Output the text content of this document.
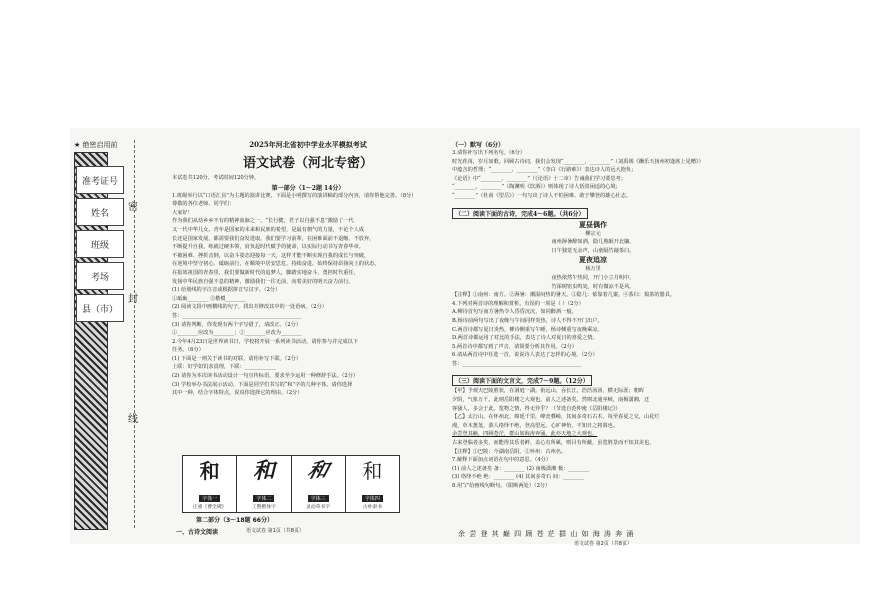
★ 绝密启用前
准考证号
姓名
班级
考场
县（市）
密
封
线
2025年河北省初中学业水平模拟考试
语文试卷（河北专密）
本试卷共120分，考试时间120分钟。
第一部分（1～2题 14分）
1.班级举行以“口语汇县”为主题的演讲比赛，下面是小明撰写的演讲稿的部分内容，请你帮他完善。（8分）
尊敬的各位老师、同学们：
大家好！
作为我们从幼乡乡不有的精神血脉之一，“长行健，君子以自强不息”激励了一代
又一代中华儿女。青年是国家的未来和民族的希望，是最有朝气的力量，不论个人成
长还是国家发展，都需要我们奋发进取。我们要学习前辈，在困难面前不退缩、不放弃，
不断提升自我，练就过硬本领，肩负起时代赋予的使命，以实际行动书写青春华章。
不被困难、挫折击倒，以奋斗姿态迎接每一天，这样才能不断实现自我的成长与突破，
在逆境中坚守初心、砥砺前行，在顺境中居安思危、持续奋进，始终保持昂扬向上的状态。
在报效祖国的青春里，我们要做新时代的追梦人，脚踏实地奋斗，勇担时代重任，
发扬中华民族自强不息的精神，激励我们一往无前，向着美好的明天奋力前行。
(1) 给划线的字注音或根据拼音写汉字。（2分）
①砥砺________ ②楷模________
(2) 阅读文段中画横线的句子，找出并修改其中的一处语病。（2分）
答：______________________________________________
(3) 请你判断，你发现有两个字写错了，请改正。（2分）
①________应改为________；②________应改为________
2.今年4月23日是世界读书日，学校将开展一系列读书活动，请你参与并完成以下
任务。（6分）
(1) 下面是一则关于读书的对联，请你补写下联。（2分）
上联：好学如饥求真理，下联：____________
(2) 请你为本次读书活动设计一句宣传标语，要求至少运用一种修辞手法。（2分）
(3) 学校举办书法展示活动，下面是同学们书写的“和”字的几种字体，请你选择
其中一种，结合字体特点，说说你选择它的理由。（2分）
和
字体一
和
字体二
和
字体三
和
字体四
庄重《曹全碑》	工整楷体字	灵动草书字	古朴隶书
第二部分（3～18题 66分）
一、古诗文阅读	语文试卷 第1页（共8页）
（一）默写（6分）
3.请你补写出下列名句。（6分）
时光荏苒，岁月如歌。回顾古诗词，我们会发现“________，________”（刘禹锡《酬乐天扬州初逢席上见赠》）
中蕴含的哲理；“________，________”（李白《行路难》）表达诗人的远大抱负；
《论语》中“________，________”（《论语》十二章）告诫我们学习要思考；
“________，________”（陶渊明《饮酒》）则体现了诗人恬淡闲适的心境；
“________”（杜甫《望岳》）一句写出了诗人不怕困难、敢于攀登的雄心壮志。
（二）阅读下面的古诗，完成4～6题。（共6分）
夏昼偶作
柳宗元
南州溽暑醉如酒，隐几熟眠开北牖。
日午独觉无余声，山童隔竹敲茶臼。
夏夜追凉
杨万里
夜热依然午热同，开门小立月明中。
竹深树密虫鸣处，时有微凉不是风。
【注释】①南州：南方。②溽暑：潮湿闷热的暑天。③隐几：依靠着几案。④茶臼：捣茶的器具。
4.下列对两首诗的理解和赏析，有误的一项是（ ）（2分）
A.柳诗首句写南方暑热令人昏昏沉沉，如同醉酒一般。
B.杨诗前两句写出了夜晚与午间同样炎热，诗人不得不开门出户。
C.两首诗都写夏日炎热，柳诗侧重写午睡，杨诗侧重写夜晚乘凉。
D.两首诗都运用了对比的手法，表达了诗人对夏日的喜爱之情。
5.两首诗中都写到了声音，请简要分析其作用。（2分）
6.请从两首诗中任选一首，说说诗人表达了怎样的心境。（2分）
答：______________________________________________
（三）阅读下面的文言文，完成7～9题。（12分）
【甲】予观夫巴陵胜状，在洞庭一湖。衔远山，吞长江，浩浩汤汤，横无际涯；朝晖
夕阴，气象万千。此则岳阳楼之大观也，前人之述备矣。然则北通巫峡，南极潇湘，迁
客骚人，多会于此，览物之情，得无异乎？（节选自范仲淹《岳阳楼记》）
【乙】太行山，在怀州北，绵延千里，峰峦叠嶂，其间多奇石古木。每至春夏之交，山花烂
漫，草木葱茏，游人络绎不绝，登高望远，心旷神怡，不知日之将暮也。
余尝登其巅，四顾苍茫，群山如海涛奔涌，此亦天地之大观也。
古来登临者多矣，而能得其乐者鲜。盖心有所累，则目有所蔽，虽览胜景而不知其美也。
【注释】①巴陵：今湖南岳阳。②怀州：古州名。
7.解释下面加点词语在句中的意思。（4分）
(1) 前人之述备矣 备：________ (2) 南极潇湘 极：________
(3) 络绎不绝 绝：________ (4) 其间多奇石 间：________
8.用“/”给画线句断句。（限断两处）（2分）
余 尝 登 其 巅 四 顾 苍 茫 群 山 如 海 涛 奔 涌
语文试卷 第2页（共8页）
